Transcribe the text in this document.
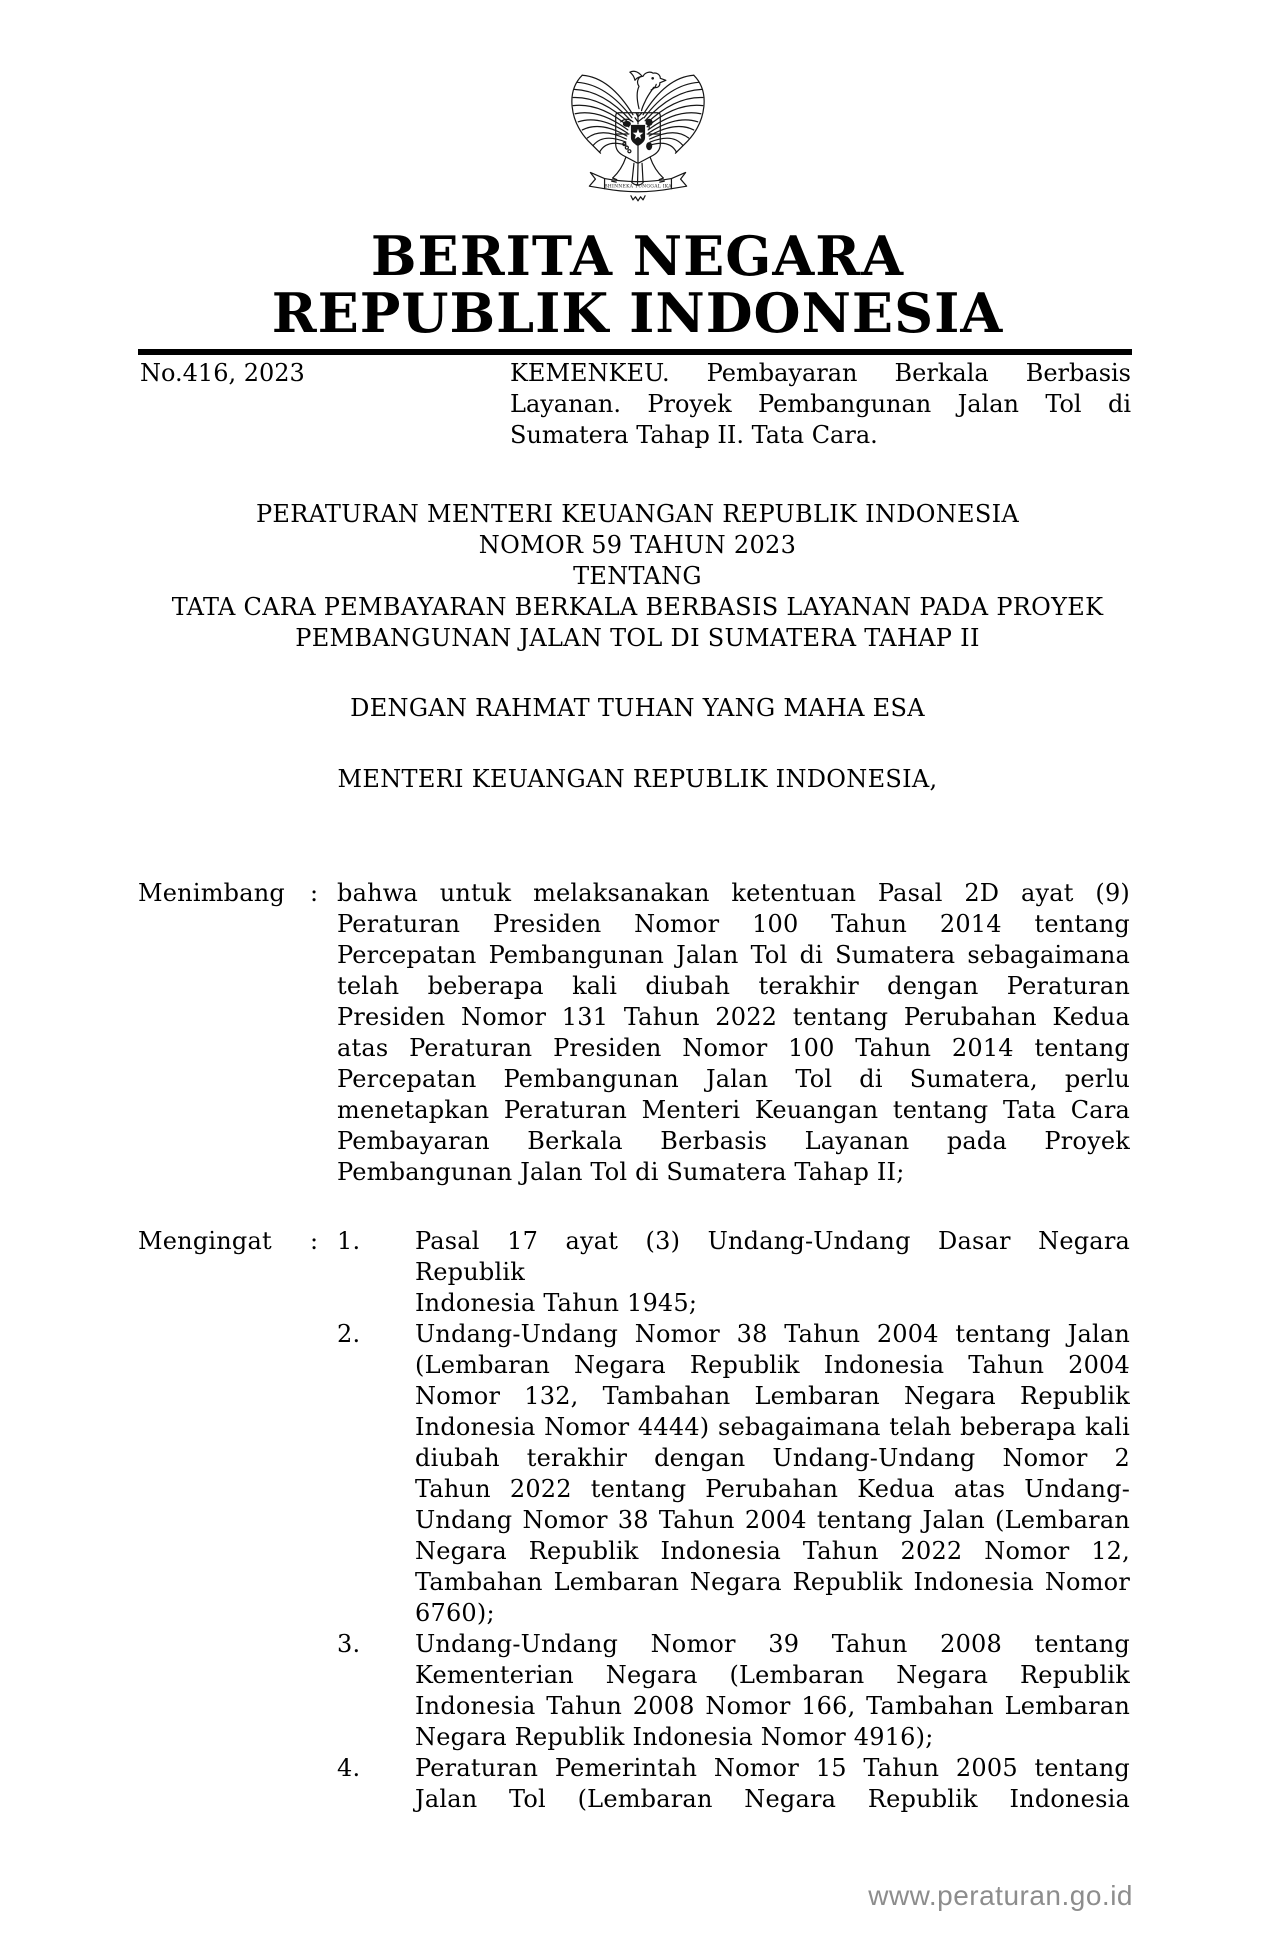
BHINNEKA TUNGGAL IKA
BERITA NEGARA
REPUBLIK INDONESIA
No.416, 2023	KEMENKEU. Pembayaran Berkala Berbasis
Layanan. Proyek Pembangunan Jalan Tol di
Sumatera Tahap II. Tata Cara.
PERATURAN MENTERI KEUANGAN REPUBLIK INDONESIA
NOMOR 59 TAHUN 2023
TENTANG
TATA CARA PEMBAYARAN BERKALA BERBASIS LAYANAN PADA PROYEK
PEMBANGUNAN JALAN TOL DI SUMATERA TAHAP II
DENGAN RAHMAT TUHAN YANG MAHA ESA
MENTERI KEUANGAN REPUBLIK INDONESIA,
Menimbang	: bahwa untuk melaksanakan ketentuan Pasal 2D ayat (9)
Peraturan Presiden Nomor 100 Tahun 2014 tentang
Percepatan Pembangunan Jalan Tol di Sumatera sebagaimana
telah beberapa kali diubah terakhir dengan Peraturan
Presiden Nomor 131 Tahun 2022 tentang Perubahan Kedua
atas Peraturan Presiden Nomor 100 Tahun 2014 tentang
Percepatan Pembangunan Jalan Tol di Sumatera, perlu
menetapkan Peraturan Menteri Keuangan tentang Tata Cara
Pembayaran Berkala Berbasis Layanan pada Proyek
Pembangunan Jalan Tol di Sumatera Tahap II;
Mengingat	: 1.	Pasal 17 ayat (3) Undang-Undang Dasar Negara Republik
Indonesia Tahun 1945;
2.	Undang-Undang Nomor 38 Tahun 2004 tentang Jalan
(Lembaran Negara Republik Indonesia Tahun 2004
Nomor 132, Tambahan Lembaran Negara Republik
Indonesia Nomor 4444) sebagaimana telah beberapa kali
diubah terakhir dengan Undang-Undang Nomor 2
Tahun 2022 tentang Perubahan Kedua atas Undang-
Undang Nomor 38 Tahun 2004 tentang Jalan (Lembaran
Negara Republik Indonesia Tahun 2022 Nomor 12,
Tambahan Lembaran Negara Republik Indonesia Nomor
6760);
3.	Undang-Undang Nomor 39 Tahun 2008 tentang
Kementerian Negara (Lembaran Negara Republik
Indonesia Tahun 2008 Nomor 166, Tambahan Lembaran
Negara Republik Indonesia Nomor 4916);
4.	Peraturan Pemerintah Nomor 15 Tahun 2005 tentang
Jalan Tol (Lembaran Negara Republik Indonesia
www.peraturan.go.id
